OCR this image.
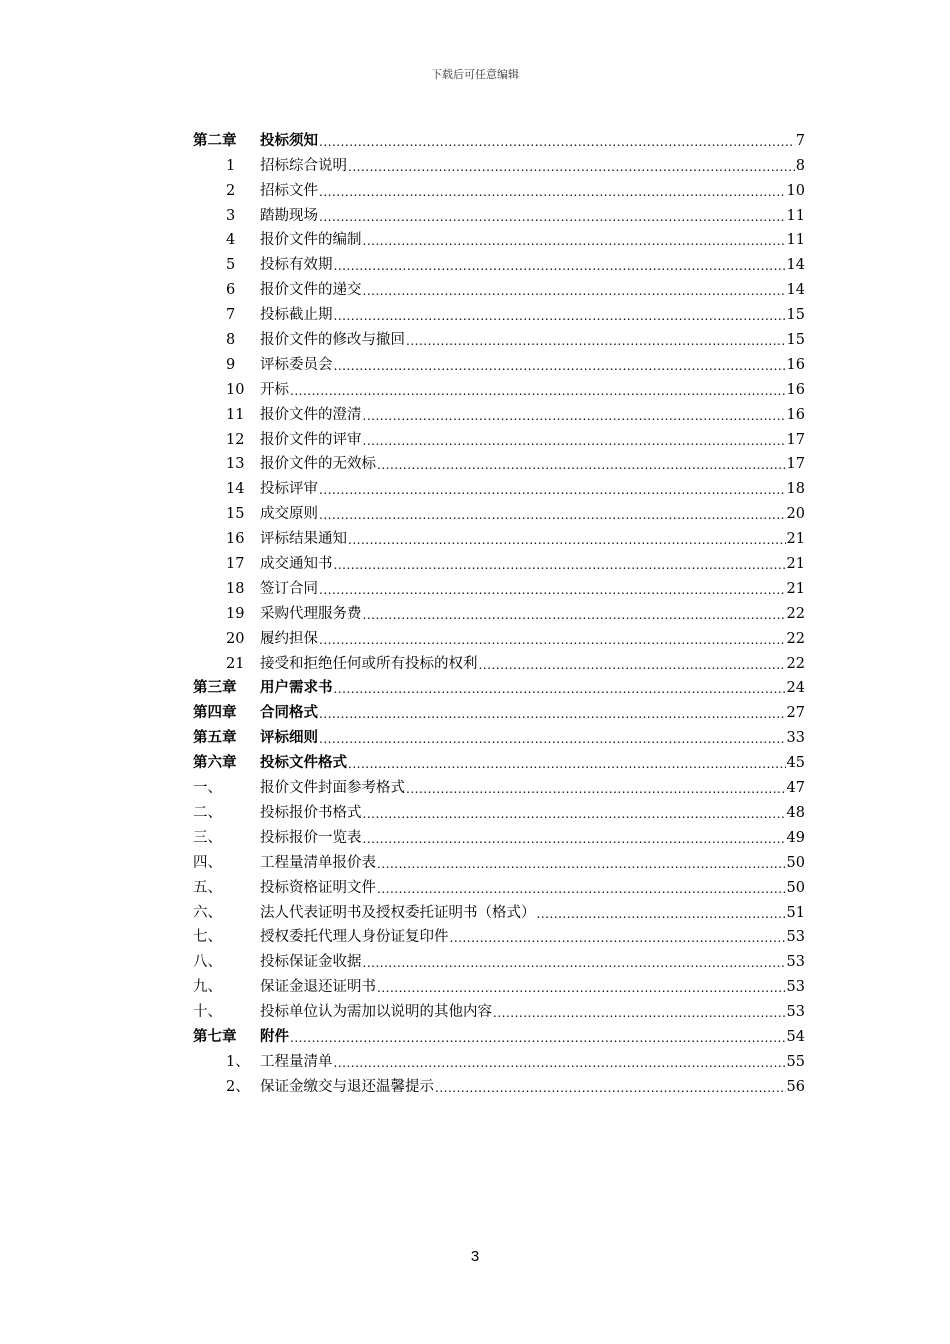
下载后可任意编辑
第二章	投标须知 .....	7
1	招标综合说明 .....	8
2	招标文件 .....	10
3	踏勘现场 .....	11
4	报价文件的编制 .....	11
5	投标有效期 .....	14
6	报价文件的递交 .....	14
7	投标截止期 .....	15
8	报价文件的修改与撤回 .....	15
9	评标委员会 .....	16
10	开标 .....	16
11	报价文件的澄清 .....	16
12	报价文件的评审 .....	17
13	报价文件的无效标 .....	17
14	投标评审 .....	18
15	成交原则 .....	20
16	评标结果通知 .....	21
17	成交通知书 .....	21
18	签订合同 .....	21
19	采购代理服务费 .....	22
20	履约担保 .....	22
21	接受和拒绝任何或所有投标的权利 .....	22
第三章	用户需求书 .....	24
第四章	合同格式 .....	27
第五章	评标细则 .....	33
第六章	投标文件格式 .....	45
一、	报价文件封面参考格式 .....	47
二、	投标报价书格式 .....	48
三、	投标报价一览表 .....	49
四、	工程量清单报价表 .....	50
五、	投标资格证明文件 .....	50
六、	法人代表证明书及授权委托证明书（格式） .....	51
七、	授权委托代理人身份证复印件 .....	53
八、	投标保证金收据 .....	53
九、	保证金退还证明书 .....	53
十、	投标单位认为需加以说明的其他内容 .....	53
第七章	附件 .....	54
1、 工程量清单 .....	55
2、 保证金缴交与退还温馨提示 .....	56
3
